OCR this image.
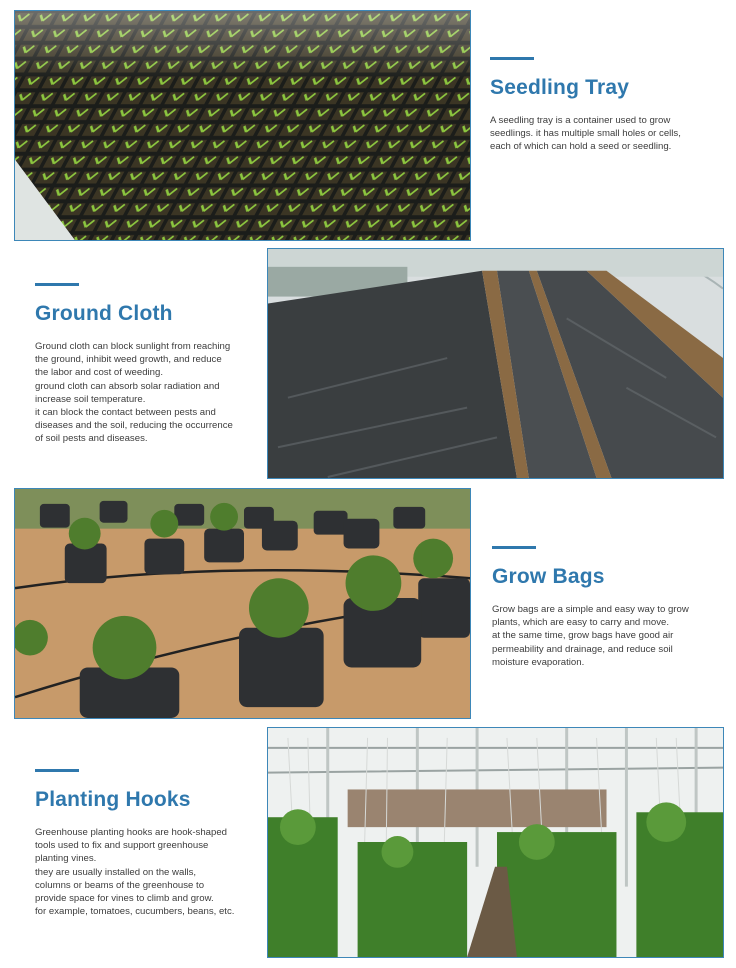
Seedling Tray

A seedling tray is a container used to grow
seedlings. it has multiple small holes or cells,
each of which can hold a seed or seedling.

Ground Cloth

Ground cloth can block sunlight from reaching
the ground, inhibit weed growth, and reduce
the labor and cost of weeding.
ground cloth can absorb solar radiation and
increase soil temperature.
it can block the contact between pests and
diseases and the soil, reducing the occurrence
of soil pests and diseases.

Grow Bags

Grow bags are a simple and easy way to grow
plants, which are easy to carry and move.
at the same time, grow bags have good air
permeability and drainage, and reduce soil
moisture evaporation.

Planting Hooks

Greenhouse planting hooks are hook-shaped
tools used to fix and support greenhouse
planting vines.
they are usually installed on the walls,
columns or beams of the greenhouse to
provide space for vines to climb and grow.
for example, tomatoes, cucumbers, beans, etc.
